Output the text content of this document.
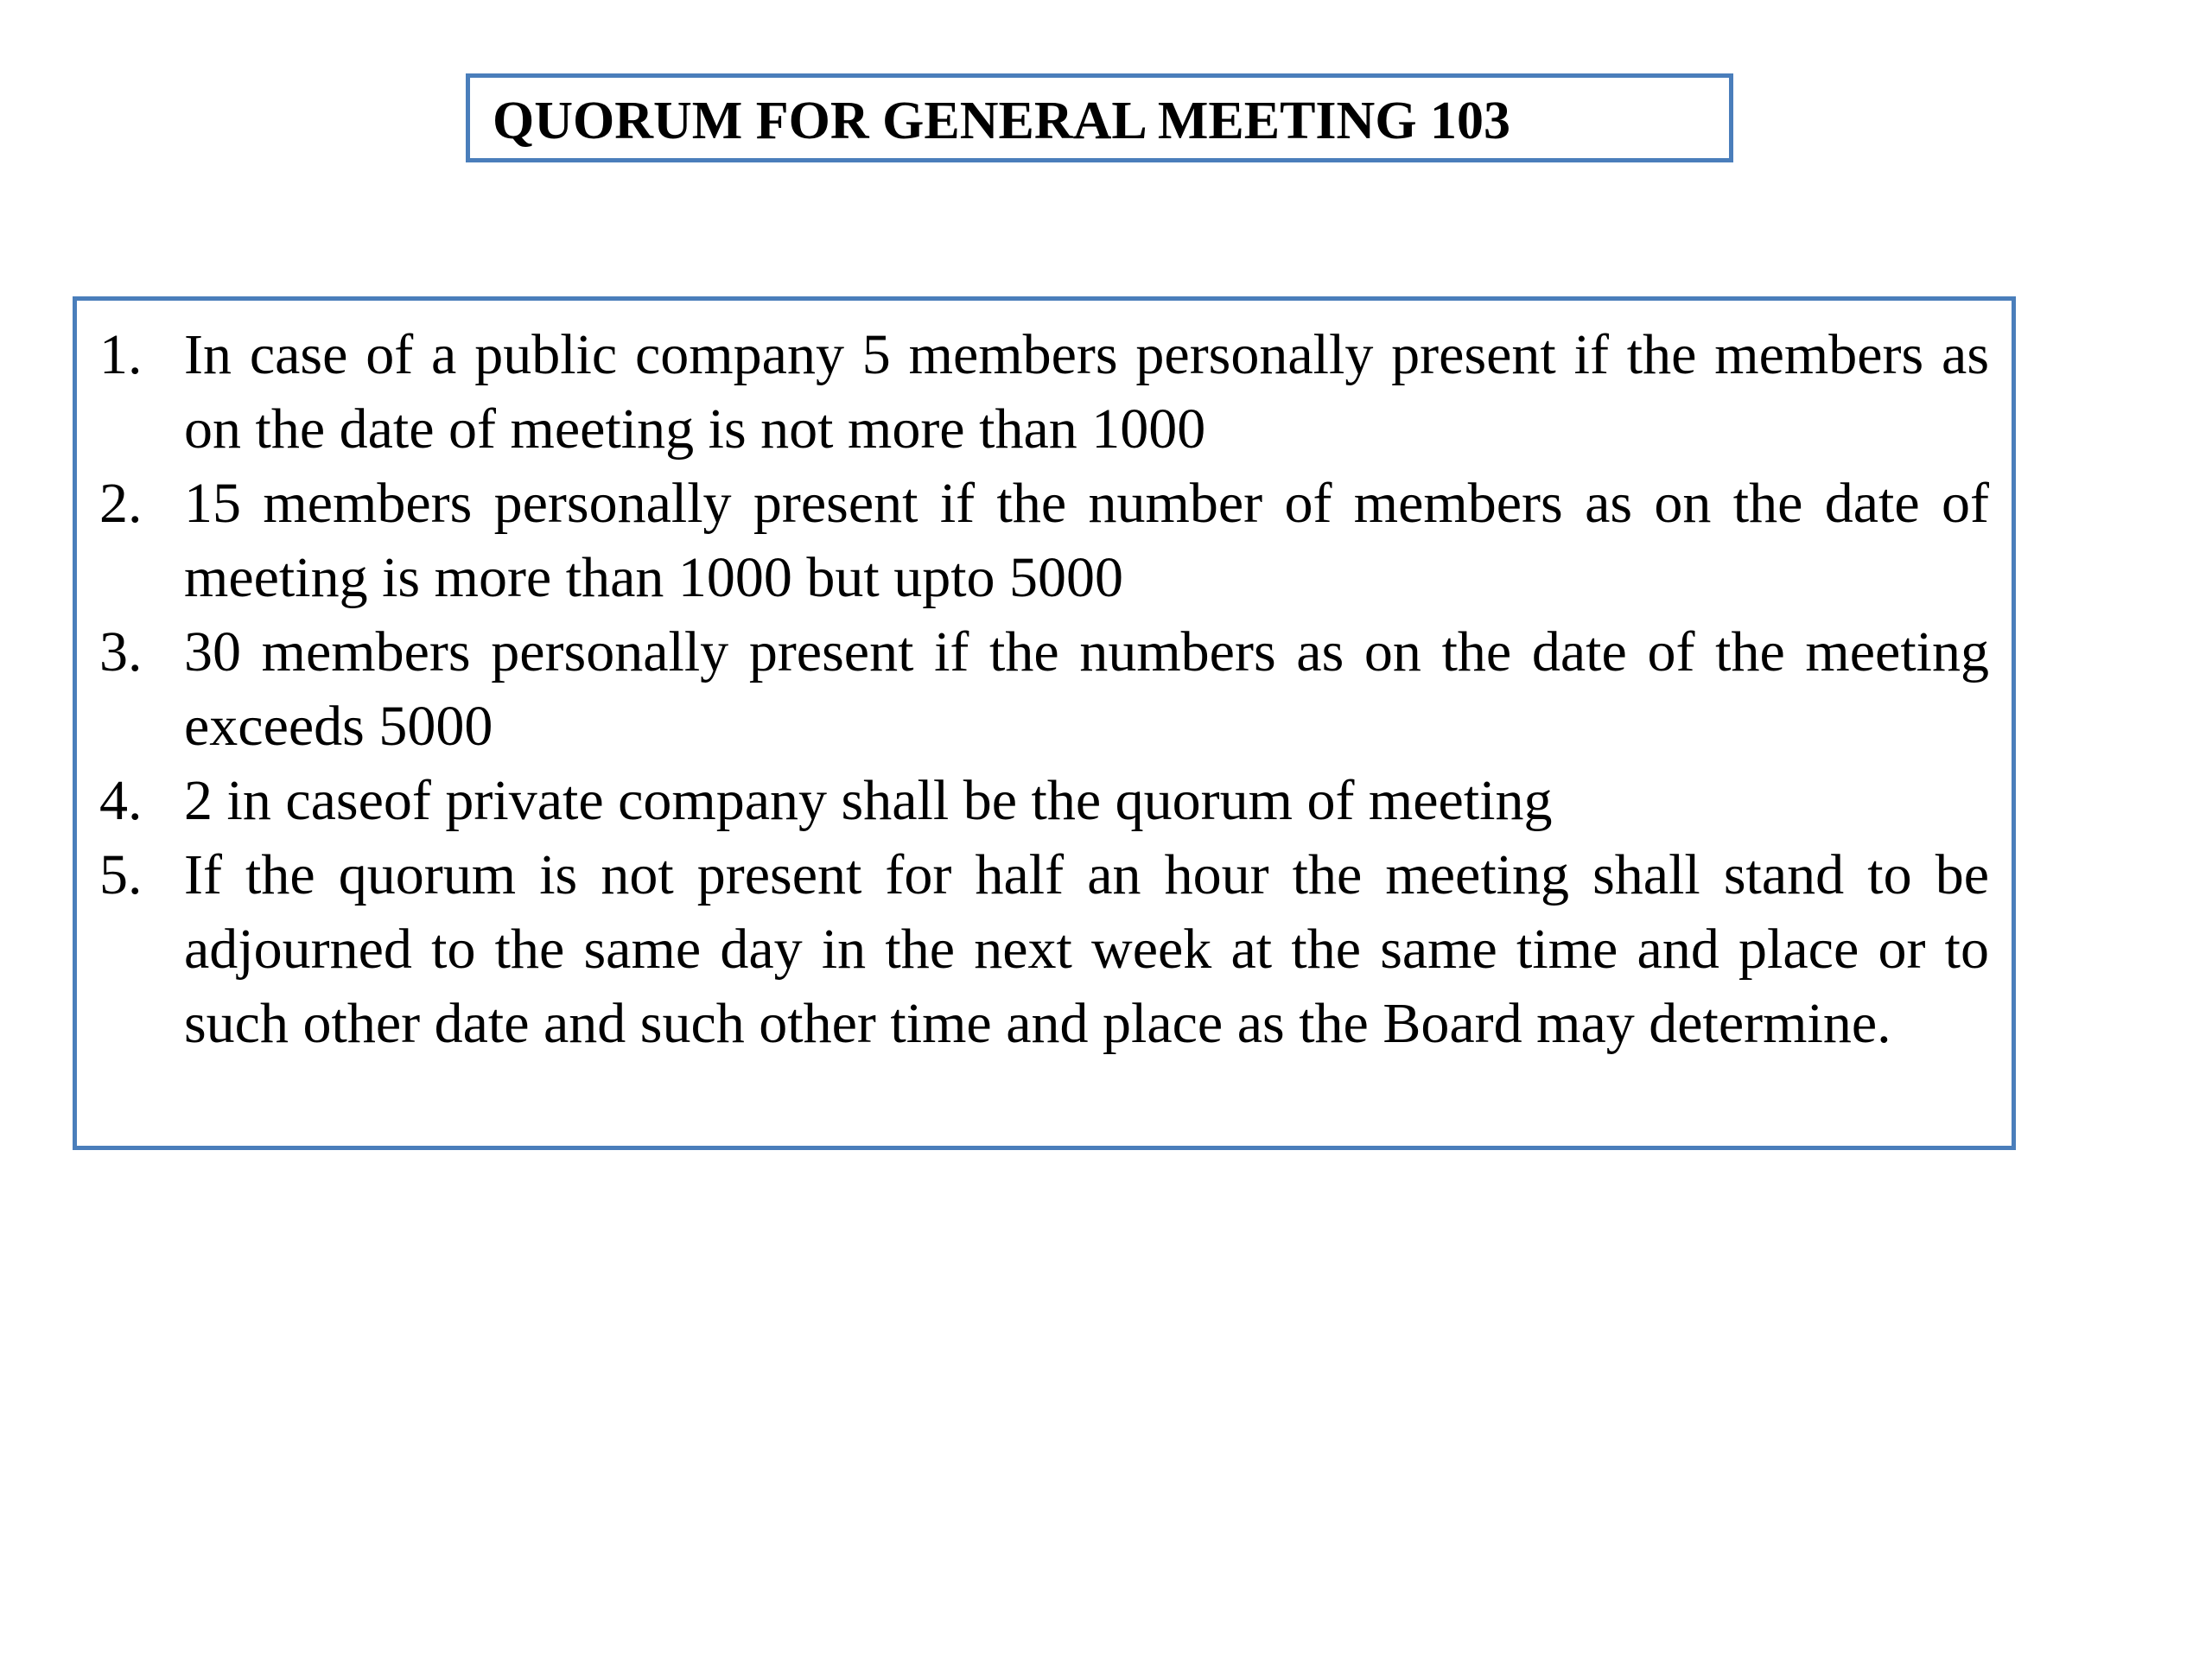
QUORUM FOR GENERAL MEETING 103
1. In case of a public company 5 members personally present if the members as on the date of meeting is not more than 1000
2. 15 members personally present if the number of members as on the date of meeting is more than 1000 but upto 5000
3. 30 members personally present if the numbers as on the date of the meeting exceeds 5000
4. 2 in caseof private company shall be the quorum of meeting
5. If the quorum is not present for half an hour the meeting shall stand to be adjourned to the same day in the next week at the same time and place or to such other date and such other time and place as the Board may determine.
